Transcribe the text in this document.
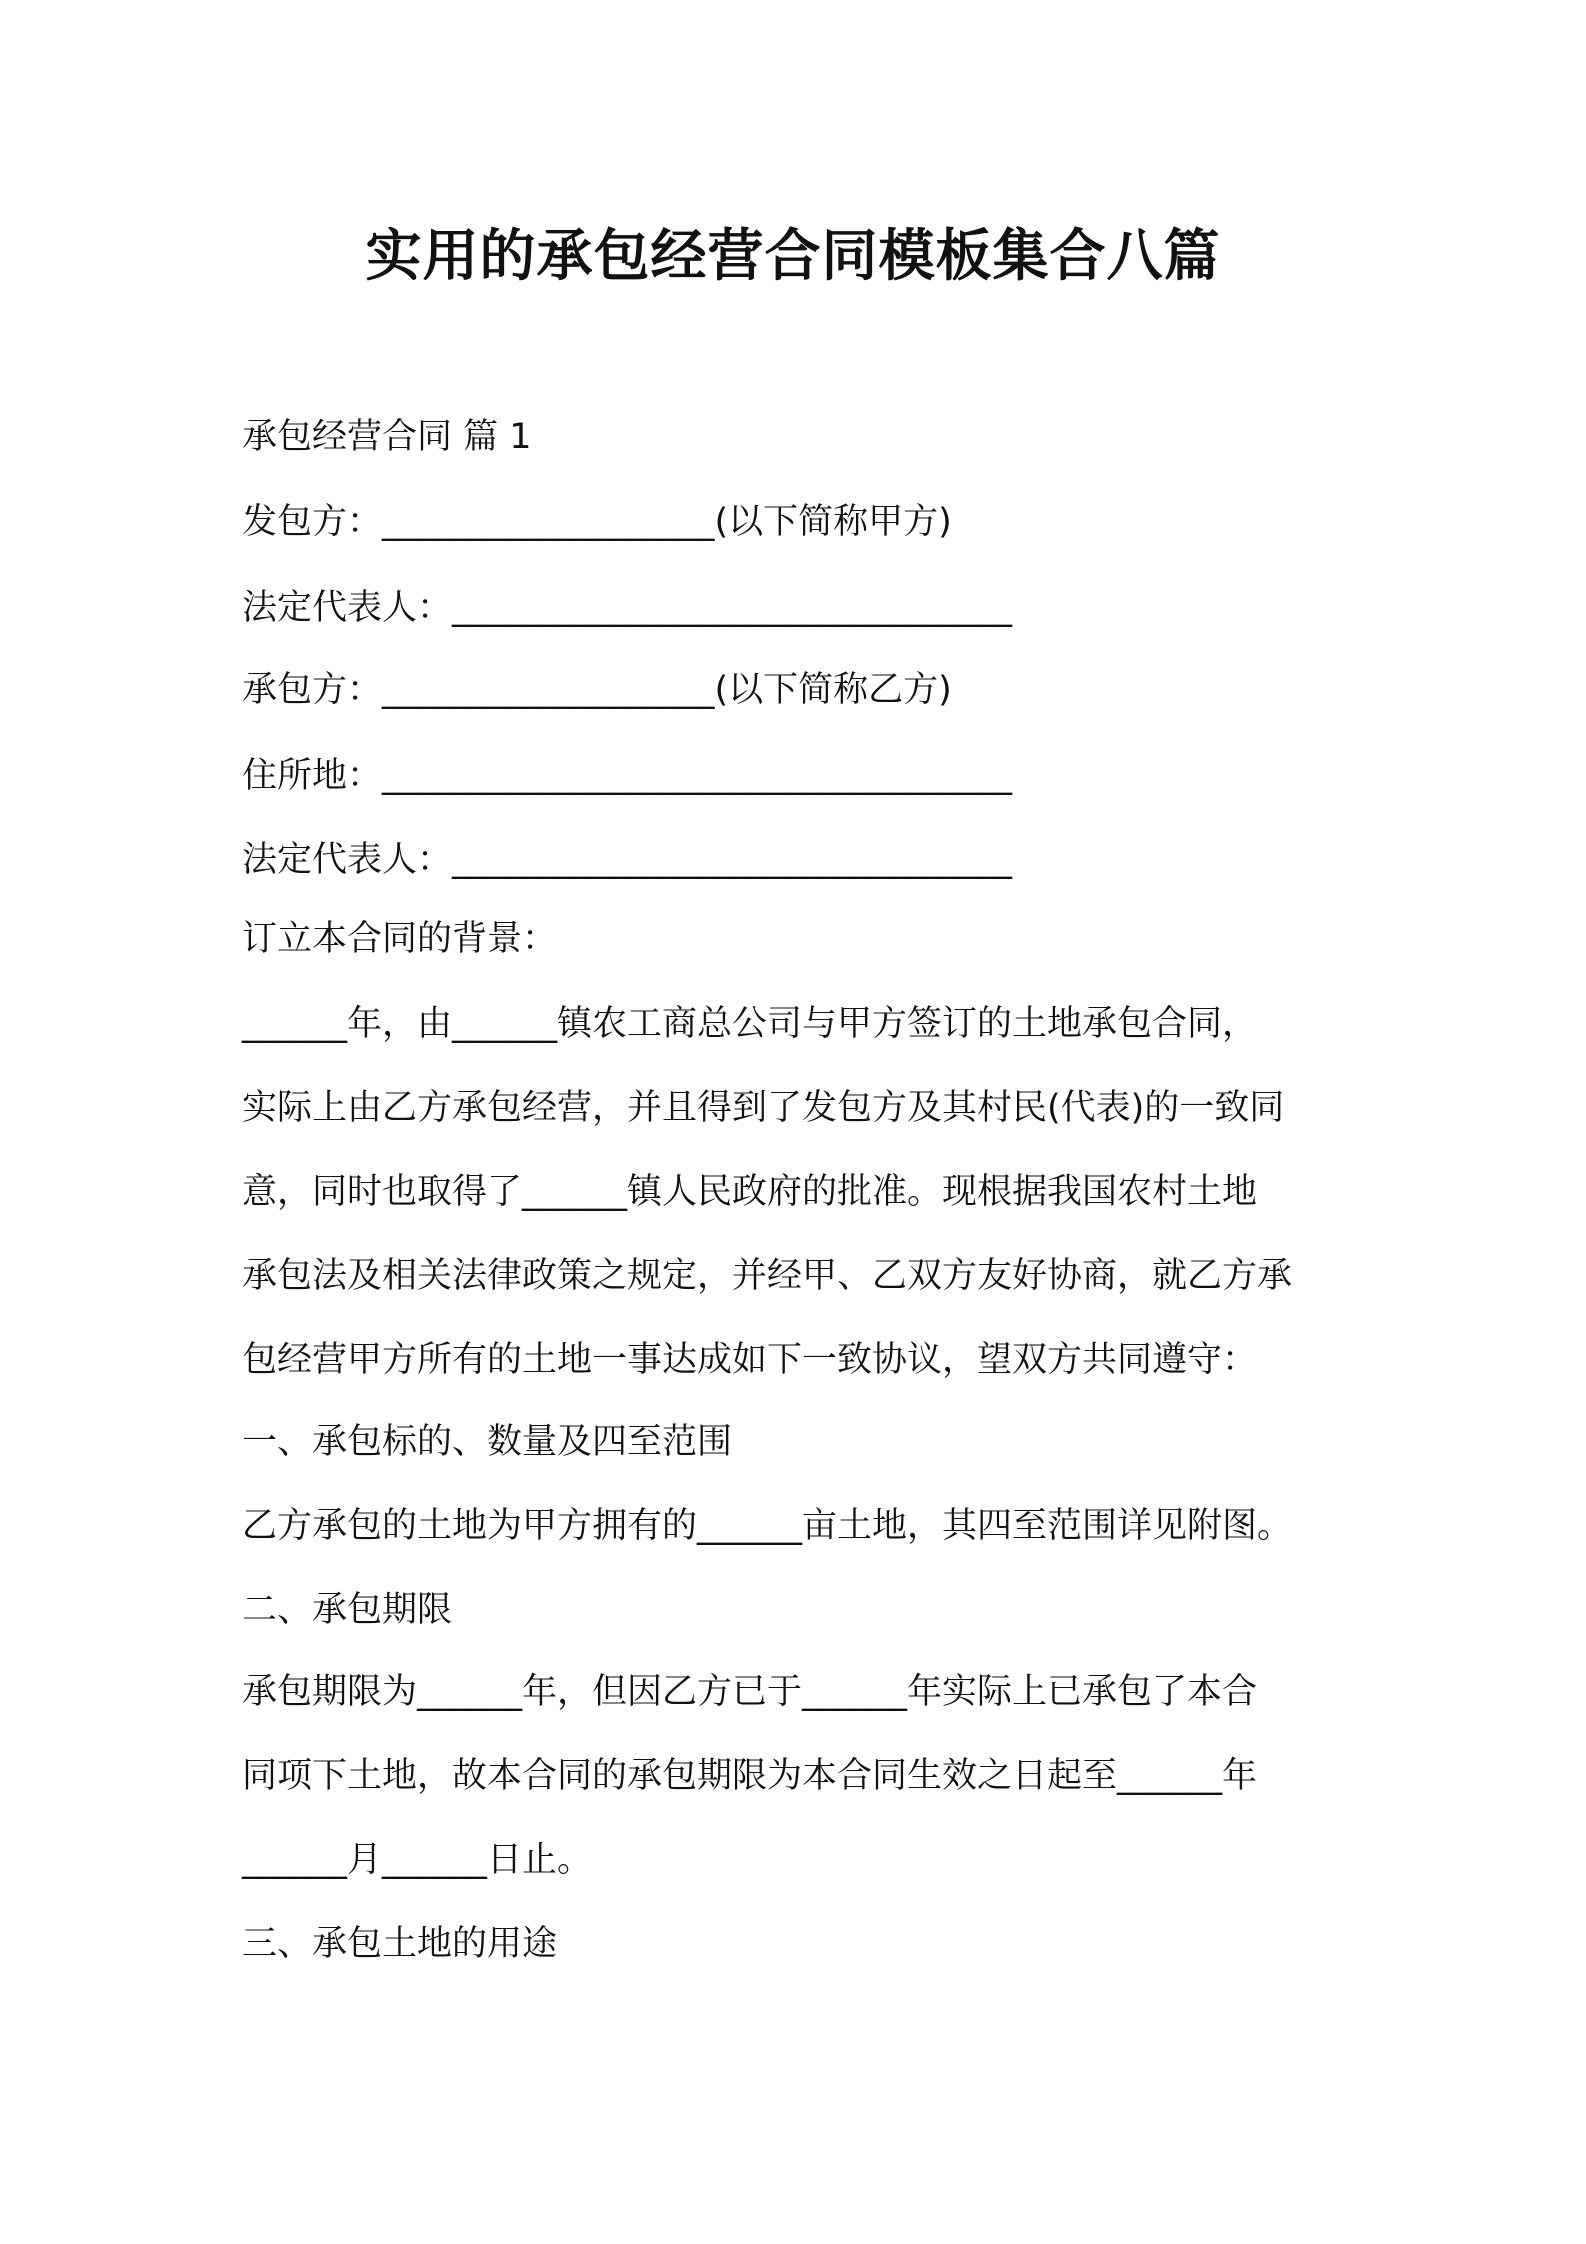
实用的承包经营合同模板集合八篇
承包经营合同 篇 1
发包方：___________________(以下简称甲方)
法定代表人：________________________________
承包方：___________________(以下简称乙方)
住所地：____________________________________
法定代表人：________________________________
订立本合同的背景：
______年，由______镇农工商总公司与甲方签订的土地承包合同，
实际上由乙方承包经营，并且得到了发包方及其村民(代表)的一致同
意，同时也取得了______镇人民政府的批准。现根据我国农村土地
承包法及相关法律政策之规定，并经甲、乙双方友好协商，就乙方承
包经营甲方所有的土地一事达成如下一致协议，望双方共同遵守：
一、承包标的、数量及四至范围
乙方承包的土地为甲方拥有的______亩土地，其四至范围详见附图。
二、承包期限
承包期限为______年，但因乙方已于______年实际上已承包了本合
同项下土地，故本合同的承包期限为本合同生效之日起至______年
______月______日止。
三、承包土地的用途
